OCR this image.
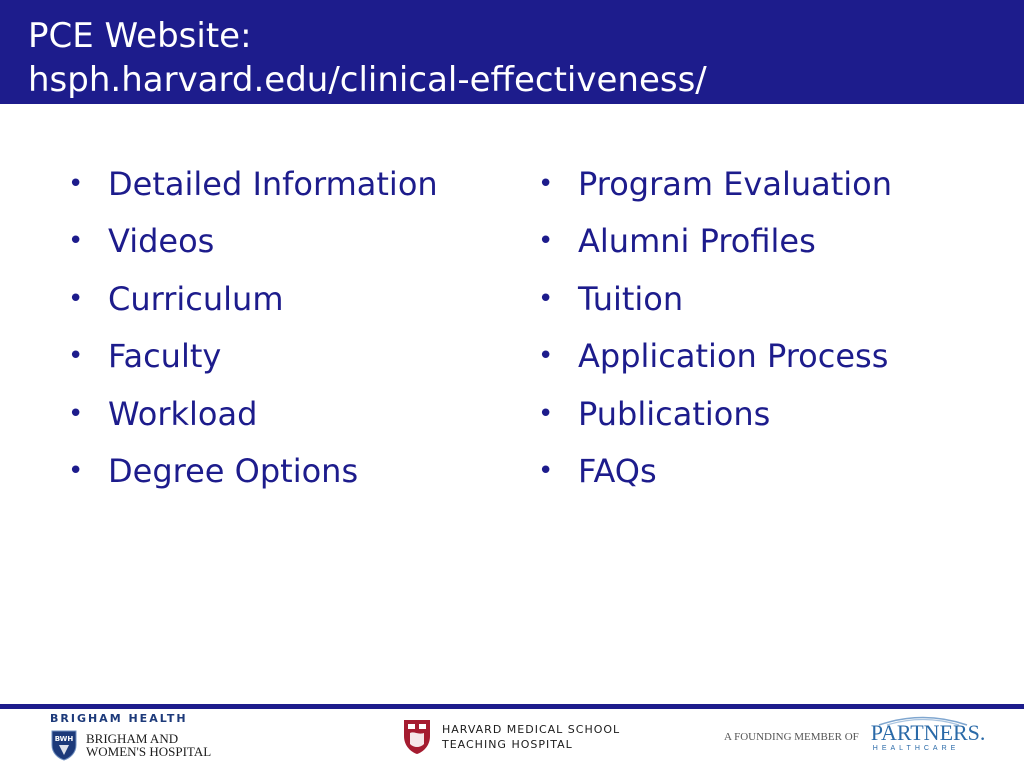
PCE Website:
hsph.harvard.edu/clinical-effectiveness/
• Detailed Information
• Videos
• Curriculum
• Faculty
• Workload
• Degree Options
• Program Evaluation
• Alumni Profiles
• Tuition
• Application Process
• Publications
• FAQs
BRIGHAM HEALTH
BWH BRIGHAM AND
WOMEN'S HOSPITAL
HARVARD MEDICAL SCHOOL
TEACHING HOSPITAL
A FOUNDING MEMBER OF PARTNERS.
HEALTHCARE
